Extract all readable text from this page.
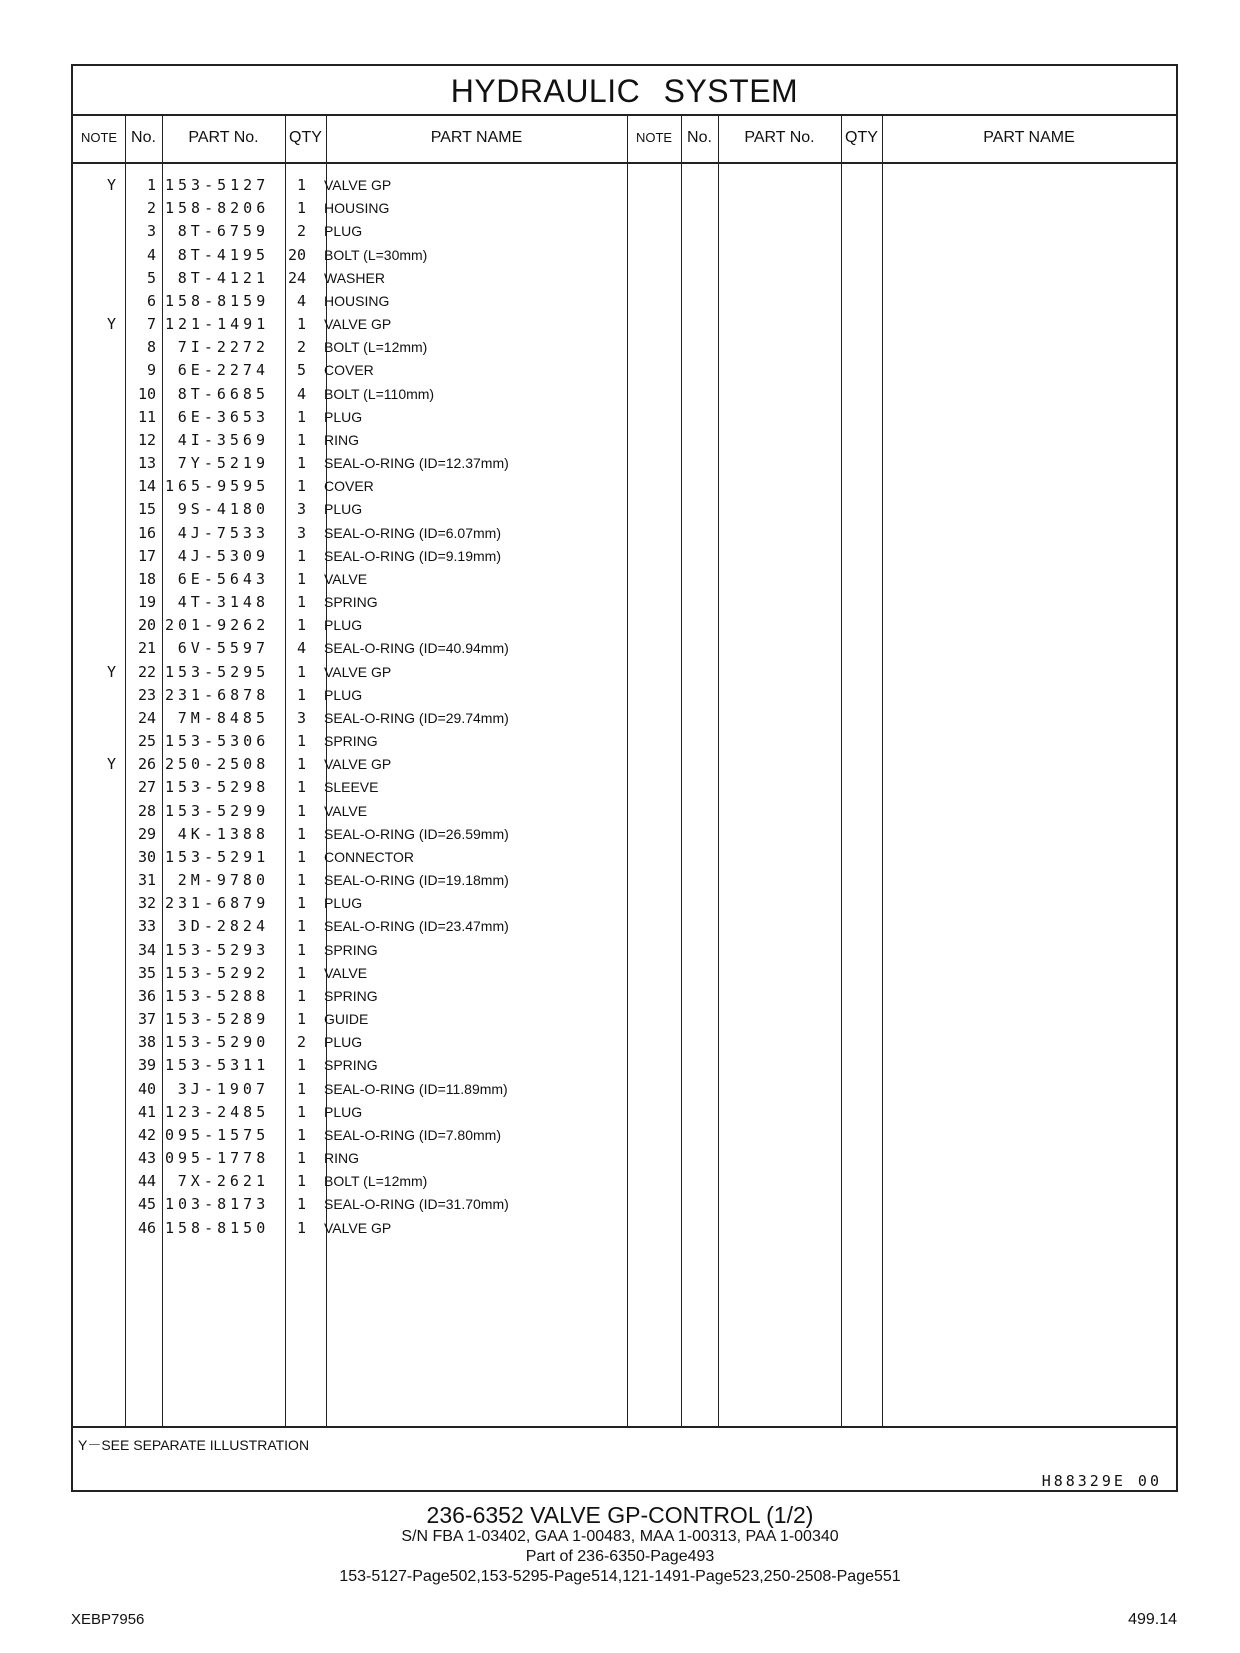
HYDRAULIC SYSTEM
NOTE No.	PART No.	QTY	PART NAME	NOTE No.	PART No.	QTY	PART NAME
Y	1 153-5127	1 VALVE GP
2 158-8206	1 HOUSING
3	8T-6759	2 PLUG
4	8T-4195 20 BOLT (L=30mm)
5	8T-4121 24 WASHER
6 158-8159	4 HOUSING
Y	7 121-1491	1 VALVE GP
8	7I-2272	2 BOLT (L=12mm)
9	6E-2274	5 COVER
10	8T-6685	4 BOLT (L=110mm)
11	6E-3653	1 PLUG
12	4I-3569	1 RING
13	7Y-5219	1 SEAL-O-RING (ID=12.37mm)
14 165-9595	1 COVER
15	9S-4180	3 PLUG
16	4J-7533	3 SEAL-O-RING (ID=6.07mm)
17	4J-5309	1 SEAL-O-RING (ID=9.19mm)
18	6E-5643	1 VALVE
19	4T-3148	1 SPRING
20 201-9262	1 PLUG
21	6V-5597	4 SEAL-O-RING (ID=40.94mm)
Y	22 153-5295	1 VALVE GP
23 231-6878	1 PLUG
24	7M-8485	3 SEAL-O-RING (ID=29.74mm)
25 153-5306	1 SPRING
Y	26 250-2508	1 VALVE GP
27 153-5298	1 SLEEVE
28 153-5299	1 VALVE
29	4K-1388	1 SEAL-O-RING (ID=26.59mm)
30 153-5291	1 CONNECTOR
31	2M-9780	1 SEAL-O-RING (ID=19.18mm)
32 231-6879	1 PLUG
33	3D-2824	1 SEAL-O-RING (ID=23.47mm)
34 153-5293	1 SPRING
35 153-5292	1 VALVE
36 153-5288	1 SPRING
37 153-5289	1 GUIDE
38 153-5290	2 PLUG
39 153-5311	1 SPRING
40	3J-1907	1 SEAL-O-RING (ID=11.89mm)
41 123-2485	1 PLUG
42 095-1575	1 SEAL-O-RING (ID=7.80mm)
43 095-1778	1 RING
44	7X-2621	1 BOLT (L=12mm)
45 103-8173	1 SEAL-O-RING (ID=31.70mm)
46 158-8150	1 VALVE GP
Y－SEE SEPARATE ILLUSTRATION
H88329E 00
236-6352 VALVE GP-CONTROL (1/2)
S/N FBA 1-03402, GAA 1-00483, MAA 1-00313, PAA 1-00340
Part of 236-6350-Page493
153-5127-Page502,153-5295-Page514,121-1491-Page523,250-2508-Page551
XEBP7956	499.14
